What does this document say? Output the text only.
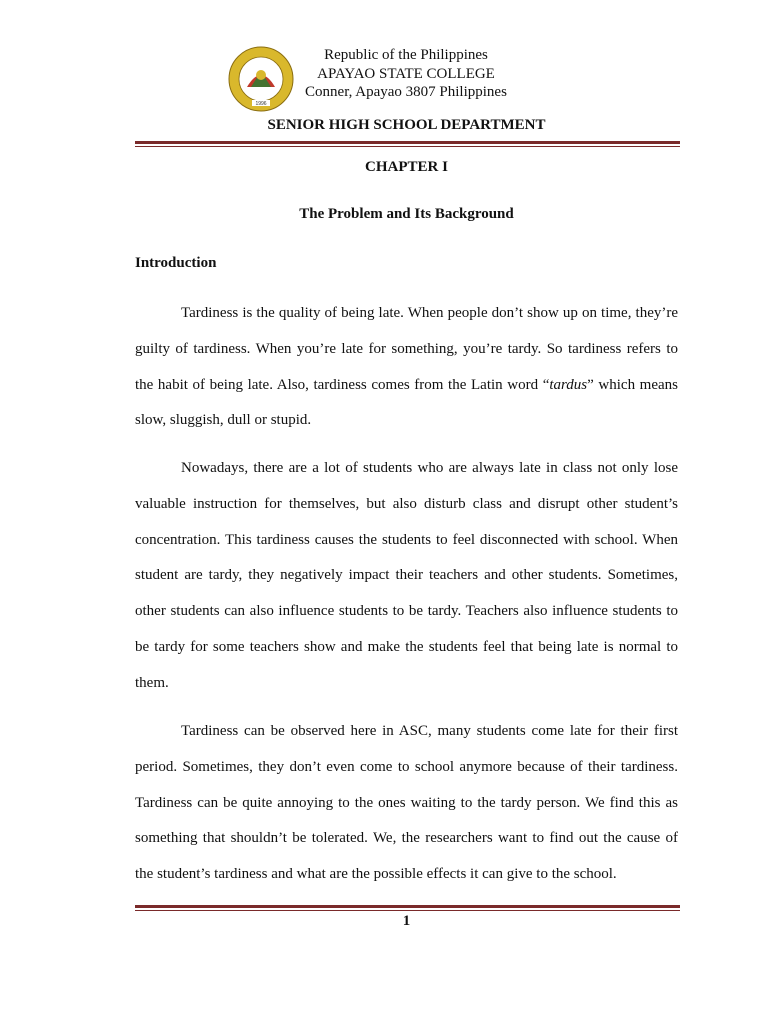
1996
Republic of the Philippines
APAYAO STATE COLLEGE
Conner, Apayao 3807 Philippines
SENIOR HIGH SCHOOL DEPARTMENT
CHAPTER I
The Problem and Its Background
Introduction

Tardiness is the quality of being late. When people don’t show up on time, they’re guilty of tardiness. When you’re late for something, you’re tardy. So tardiness refers to the habit of being late. Also, tardiness comes from the Latin word “tardus” which means slow, sluggish, dull or stupid.

Nowadays, there are a lot of students who are always late in class not only lose valuable instruction for themselves, but also disturb class and disrupt other student’s concentration. This tardiness causes the students to feel disconnected with school. When student are tardy, they negatively impact their teachers and other students. Sometimes, other students can also influence students to be tardy. Teachers also influence students to be tardy for some teachers show and make the students feel that being late is normal to them.

Tardiness can be observed here in ASC, many students come late for their first period. Sometimes, they don’t even come to school anymore because of their tardiness. Tardiness can be quite annoying to the ones waiting to the tardy person. We find this as something that shouldn’t be tolerated. We, the researchers want to find out the cause of the student’s tardiness and what are the possible effects it can give to the school.

1
